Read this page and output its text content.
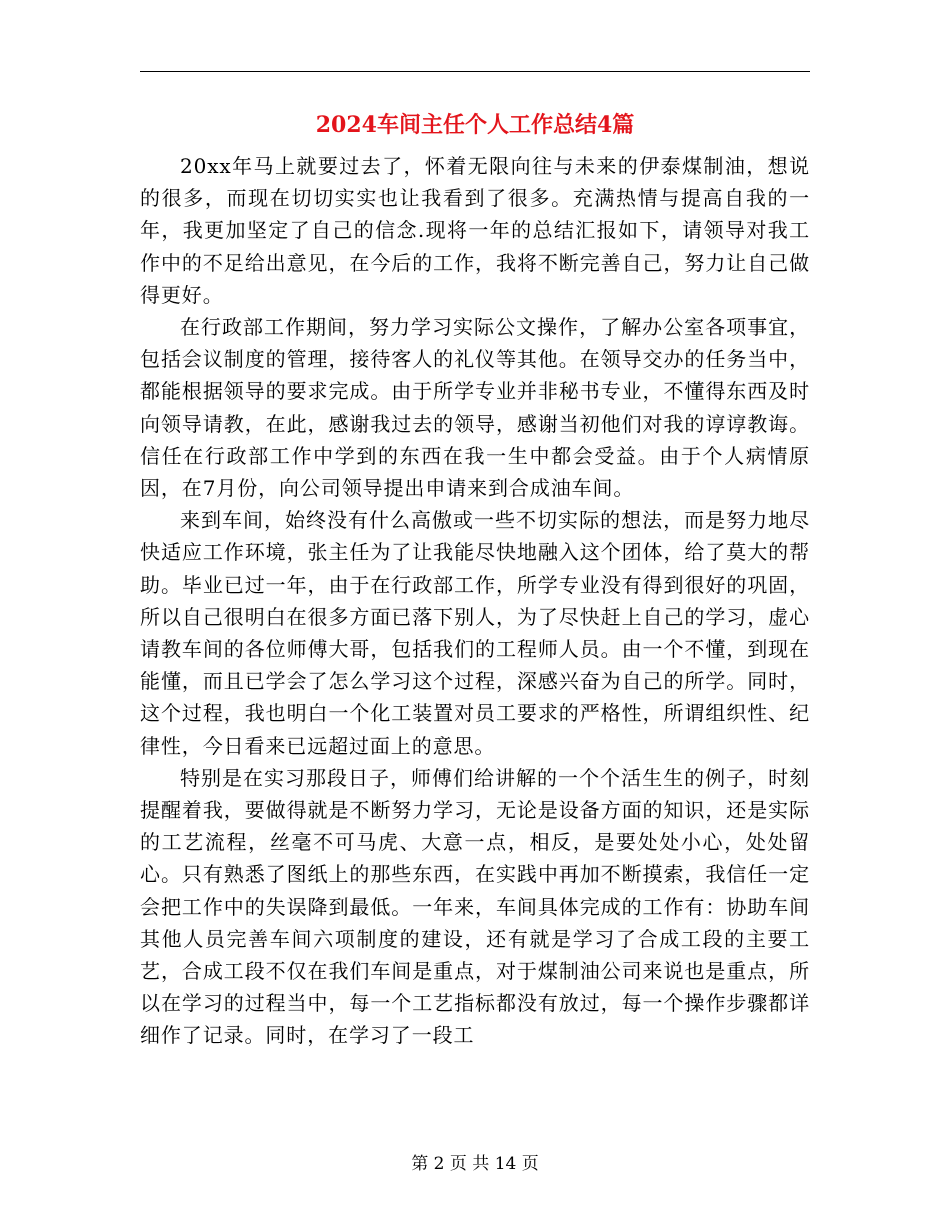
2024车间主任个人工作总结4篇

20xx年马上就要过去了，怀着无限向往与未来的伊泰煤制油，想说的很多，而现在切切实实也让我看到了很多。充满热情与提高自我的一年，我更加坚定了自己的信念.现将一年的总结汇报如下，请领导对我工作中的不足给出意见，在今后的工作，我将不断完善自己，努力让自己做得更好。

在行政部工作期间，努力学习实际公文操作，了解办公室各项事宜，包括会议制度的管理，接待客人的礼仪等其他。在领导交办的任务当中，都能根据领导的要求完成。由于所学专业并非秘书专业，不懂得东西及时向领导请教，在此，感谢我过去的领导，感谢当初他们对我的谆谆教诲。信任在行政部工作中学到的东西在我一生中都会受益。由于个人病情原因，在7月份，向公司领导提出申请来到合成油车间。

来到车间，始终没有什么高傲或一些不切实际的想法，而是努力地尽快适应工作环境，张主任为了让我能尽快地融入这个团体，给了莫大的帮助。毕业已过一年，由于在行政部工作，所学专业没有得到很好的巩固，所以自己很明白在很多方面已落下别人，为了尽快赶上自己的学习，虚心请教车间的各位师傅大哥，包括我们的工程师人员。由一个不懂，到现在能懂，而且已学会了怎么学习这个过程，深感兴奋为自己的所学。同时，这个过程，我也明白一个化工装置对员工要求的严格性，所谓组织性、纪律性，今日看来已远超过面上的意思。

特别是在实习那段日子，师傅们给讲解的一个个活生生的例子，时刻提醒着我，要做得就是不断努力学习，无论是设备方面的知识，还是实际的工艺流程，丝毫不可马虎、大意一点，相反，是要处处小心，处处留心。只有熟悉了图纸上的那些东西，在实践中再加不断摸索，我信任一定会把工作中的失误降到最低。一年来，车间具体完成的工作有：协助车间其他人员完善车间六项制度的建设，还有就是学习了合成工段的主要工艺，合成工段不仅在我们车间是重点，对于煤制油公司来说也是重点，所以在学习的过程当中，每一个工艺指标都没有放过，每一个操作步骤都详细作了记录。同时，在学习了一段工

第 2 页 共 14 页
